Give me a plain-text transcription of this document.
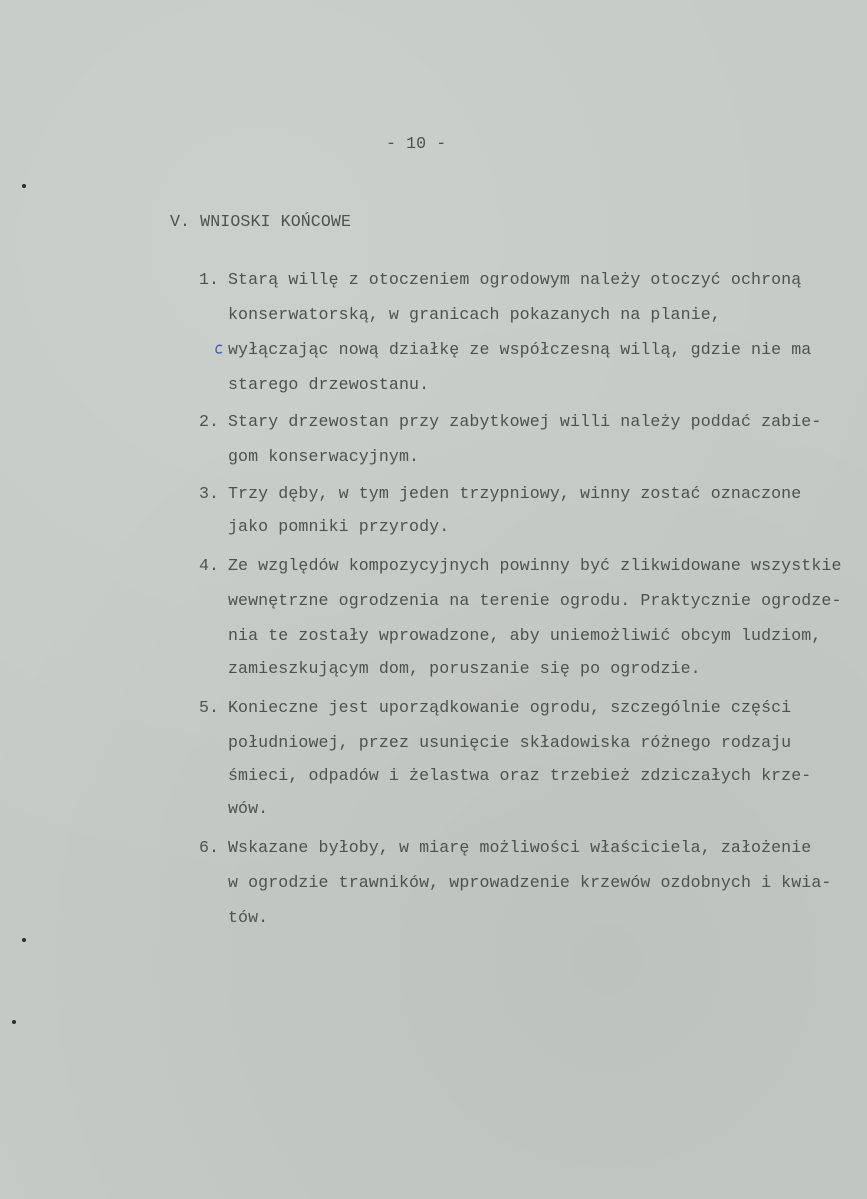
- 10 -
V. WNIOSKI KOŃCOWE
1. Starą willę z otoczeniem ogrodowym należy otoczyć ochroną
konserwatorską, w granicach pokazanych na planie,
wyłączając nową działkę ze współczesną willą, gdzie nie ma
starego drzewostanu.
2. Stary drzewostan przy zabytkowej willi należy poddać zabie-
gom konserwacyjnym.
3. Trzy dęby, w tym jeden trzypniowy, winny zostać oznaczone
jako pomniki przyrody.
4. Ze względów kompozycyjnych powinny być zlikwidowane wszystkie
wewnętrzne ogrodzenia na terenie ogrodu. Praktycznie ogrodze-
nia te zostały wprowadzone, aby uniemożliwić obcym ludziom,
zamieszkującym dom, poruszanie się po ogrodzie.
5. Konieczne jest uporządkowanie ogrodu, szczególnie części
południowej, przez usunięcie składowiska różnego rodzaju
śmieci, odpadów i żelastwa oraz trzebież zdziczałych krze-
wów.
6. Wskazane byłoby, w miarę możliwości właściciela, założenie
w ogrodzie trawników, wprowadzenie krzewów ozdobnych i kwia-
tów.
